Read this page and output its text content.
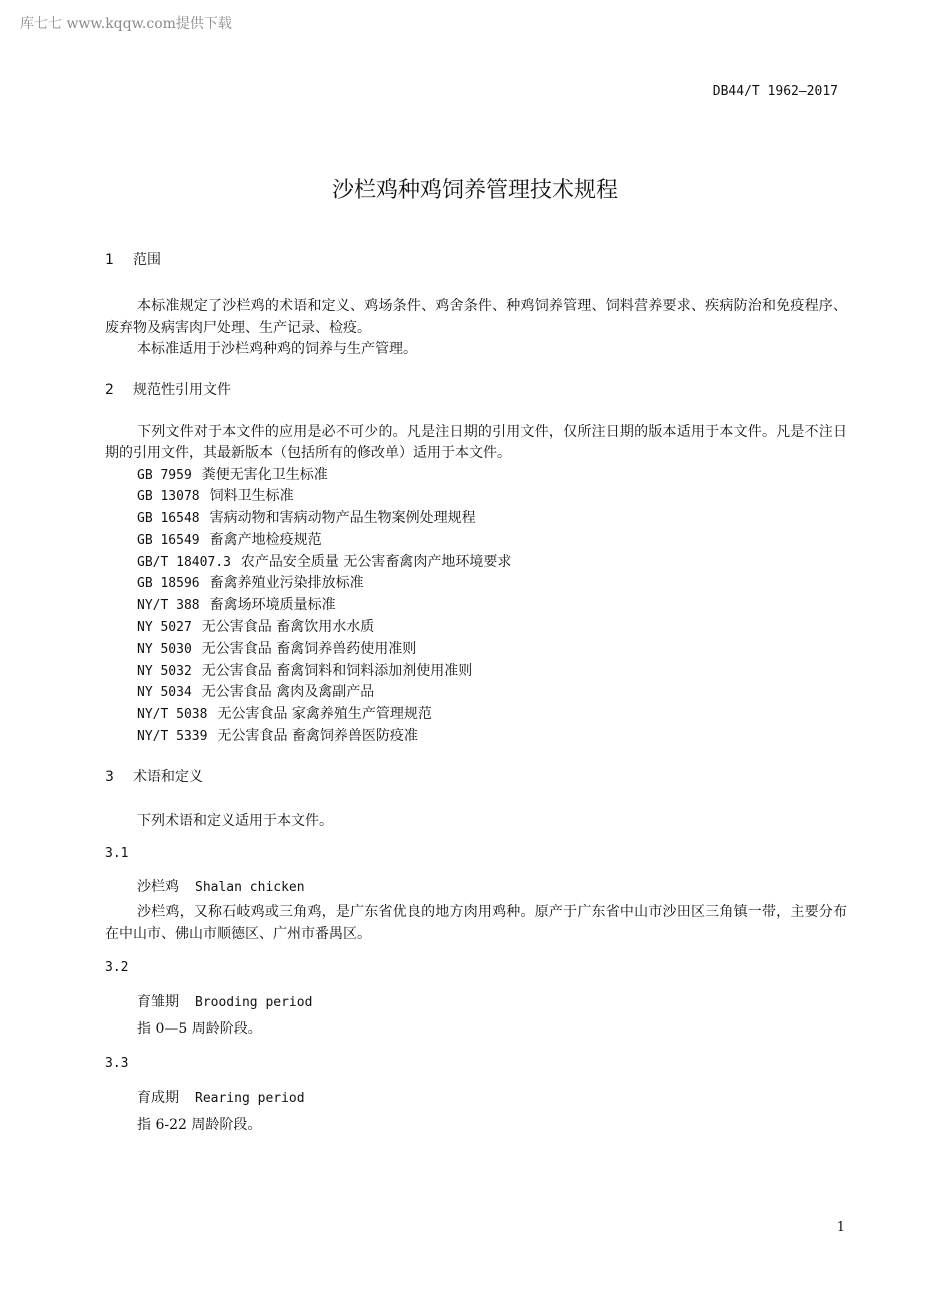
库七七 www.kqqw.com提供下载
DB44/T 1962—2017
沙栏鸡种鸡饲养管理技术规程
1 范围
本标准规定了沙栏鸡的术语和定义、鸡场条件、鸡舍条件、种鸡饲养管理、饲料营养要求、疾病防治和免疫程序、废弃物及病害肉尸处理、生产记录、检疫。
本标准适用于沙栏鸡种鸡的饲养与生产管理。
2 规范性引用文件
下列文件对于本文件的应用是必不可少的。凡是注日期的引用文件，仅所注日期的版本适用于本文件。凡是不注日期的引用文件，其最新版本（包括所有的修改单）适用于本文件。
GB 7959 粪便无害化卫生标准
GB 13078 饲料卫生标准
GB 16548 害病动物和害病动物产品生物案例处理规程
GB 16549 畜禽产地检疫规范
GB/T 18407.3 农产品安全质量 无公害畜禽肉产地环境要求
GB 18596 畜禽养殖业污染排放标准
NY/T 388 畜禽场环境质量标准
NY 5027 无公害食品 畜禽饮用水水质
NY 5030 无公害食品 畜禽饲养兽药使用准则
NY 5032 无公害食品 畜禽饲料和饲料添加剂使用准则
NY 5034 无公害食品 禽肉及禽副产品
NY/T 5038 无公害食品 家禽养殖生产管理规范
NY/T 5339 无公害食品 畜禽饲养兽医防疫准
3 术语和定义
下列术语和定义适用于本文件。
3.1
沙栏鸡 Shalan chicken
沙栏鸡，又称石岐鸡或三角鸡，是广东省优良的地方肉用鸡种。原产于广东省中山市沙田区三角镇一带，主要分布在中山市、佛山市顺德区、广州市番禺区。
3.2
育雏期 Brooding period
指 0—5 周龄阶段。
3.3
育成期 Rearing period
指 6-22 周龄阶段。
1
